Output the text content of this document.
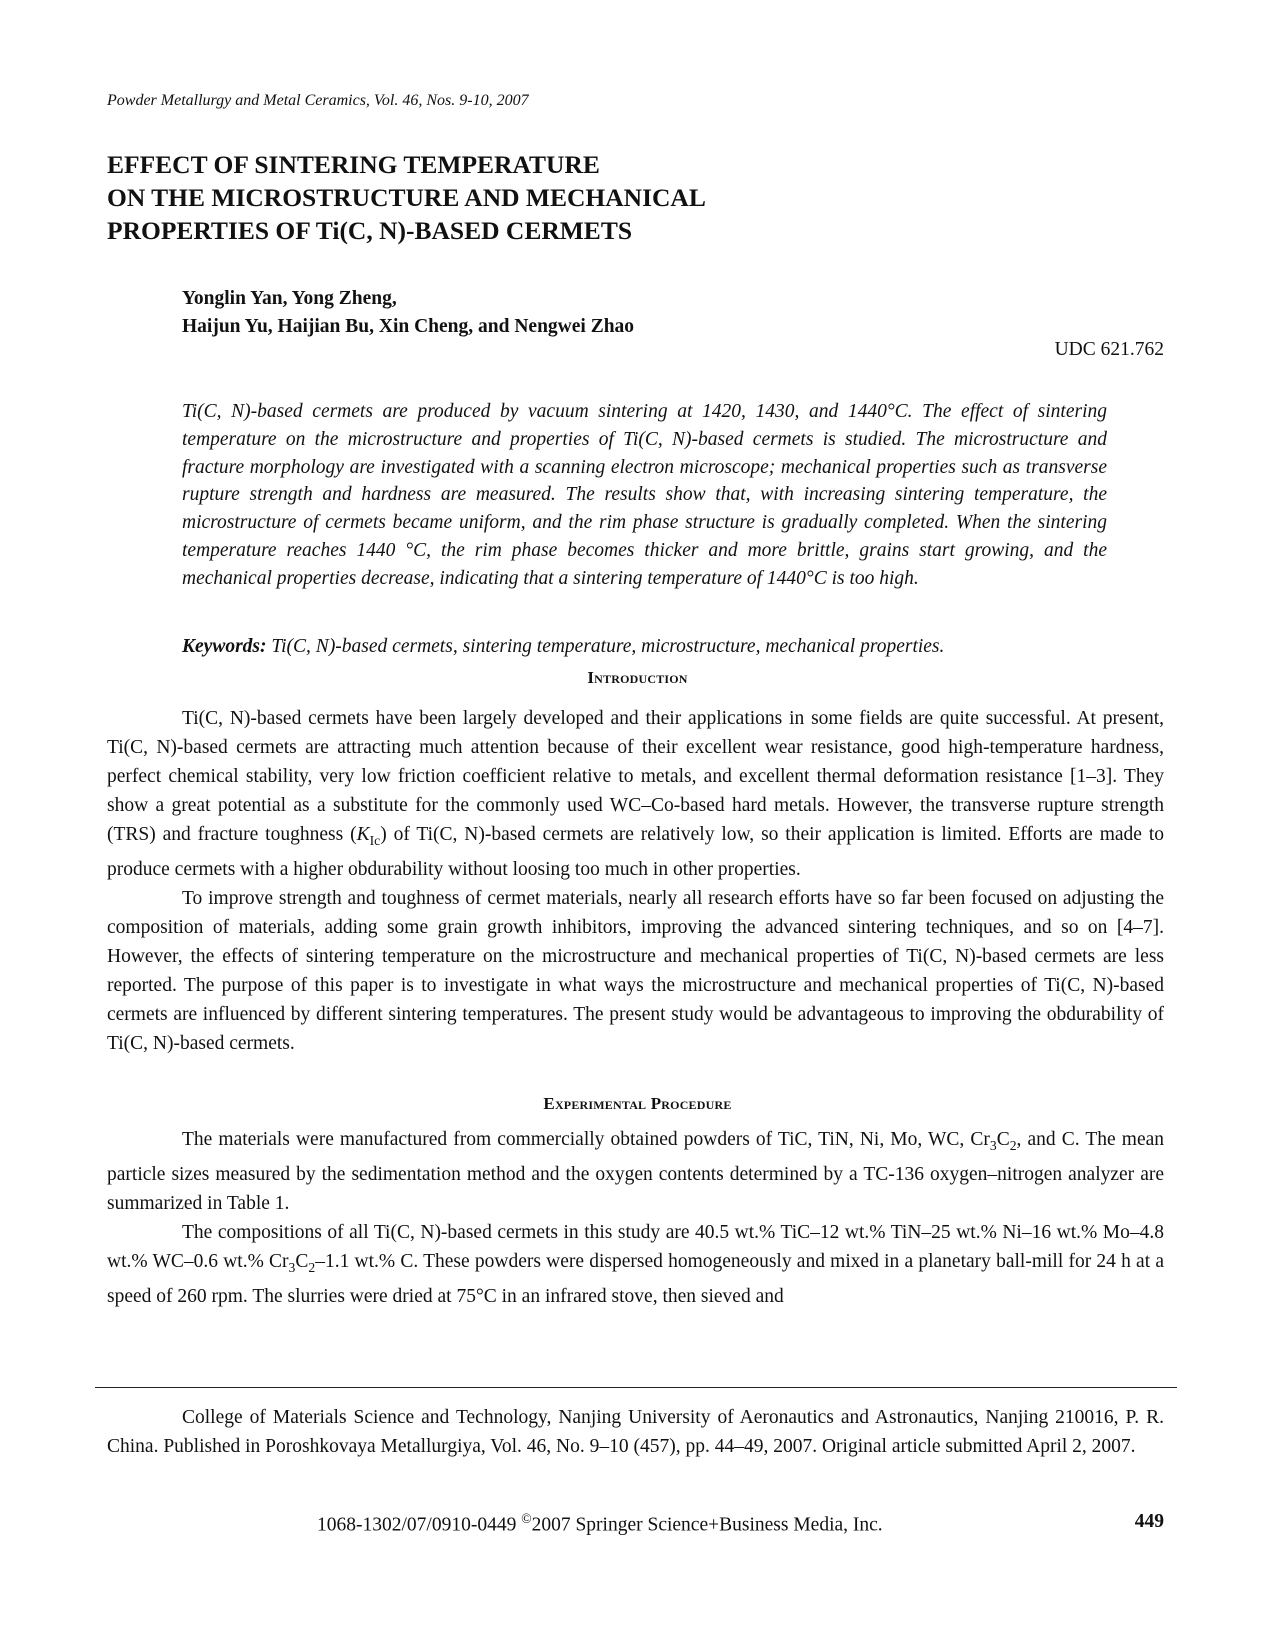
Powder Metallurgy and Metal Ceramics, Vol. 46, Nos. 9-10, 2007
EFFECT OF SINTERING TEMPERATURE
ON THE MICROSTRUCTURE AND MECHANICAL
PROPERTIES OF Ti(C, N)-BASED CERMETS
Yonglin Yan, Yong Zheng,
Haijun Yu, Haijian Bu, Xin Cheng, and Nengwei Zhao
UDC 621.762

Ti(C, N)-based cermets are produced by vacuum sintering at 1420, 1430, and 1440°C. The effect of sintering temperature on the microstructure and properties of Ti(C, N)-based cermets is studied. The microstructure and fracture morphology are investigated with a scanning electron microscope; mechanical properties such as transverse rupture strength and hardness are measured. The results show that, with increasing sintering temperature, the microstructure of cermets became uniform, and the rim phase structure is gradually completed. When the sintering temperature reaches 1440 °C, the rim phase becomes thicker and more brittle, grains start growing, and the mechanical properties decrease, indicating that a sintering temperature of 1440°C is too high.

Keywords: Ti(C, N)-based cermets, sintering temperature, microstructure, mechanical properties.
Introduction

Ti(C, N)-based cermets have been largely developed and their applications in some fields are quite successful. At present, Ti(C, N)-based cermets are attracting much attention because of their excellent wear resistance, good high-temperature hardness, perfect chemical stability, very low friction coefficient relative to metals, and excellent thermal deformation resistance [1–3]. They show a great potential as a substitute for the commonly used WC–Co-based hard metals. However, the transverse rupture strength (TRS) and fracture toughness $(K_{Ic})$ of Ti(C, N)-based cermets are relatively low, so their application is limited. Efforts are made to produce cermets with a higher obdurability without loosing too much in other properties.

To improve strength and toughness of cermet materials, nearly all research efforts have so far been focused on adjusting the composition of materials, adding some grain growth inhibitors, improving the advanced sintering techniques, and so on [4–7]. However, the effects of sintering temperature on the microstructure and mechanical properties of Ti(C, N)-based cermets are less reported. The purpose of this paper is to investigate in what ways the microstructure and mechanical properties of Ti(C, N)-based cermets are influenced by different sintering temperatures. The present study would be advantageous to improving the obdurability of Ti(C, N)-based cermets.

Experimental Procedure

The materials were manufactured from commercially obtained powders of TiC, TiN, Ni, Mo, WC, $Cr_3C_2$, and C. The mean particle sizes measured by the sedimentation method and the oxygen contents determined by a TC-136 oxygen–nitrogen analyzer are summarized in Table 1.

The compositions of all Ti(C, N)-based cermets in this study are 40.5 wt.% TiC–12 wt.% TiN–25 wt.% Ni–16 wt.% Mo–4.8 wt.% WC–0.6 wt.% $Cr_3C_2-1.1$ wt.% C. These powders were dispersed homogeneously and mixed in a planetary ball-mill for 24 h at a speed of 260 rpm. The slurries were dried at 75°C in an infrared stove, then sieved and

College of Materials Science and Technology, Nanjing University of Aeronautics and Astronautics, Nanjing 210016, P. R. China. Published in Poroshkovaya Metallurgiya, Vol. 46, No. 9–10 (457), pp. 44–49, 2007. Original article submitted April 2, 2007.

1068-1302/07/0910-0449 ©2007 Springer Science+Business Media, Inc.	449
